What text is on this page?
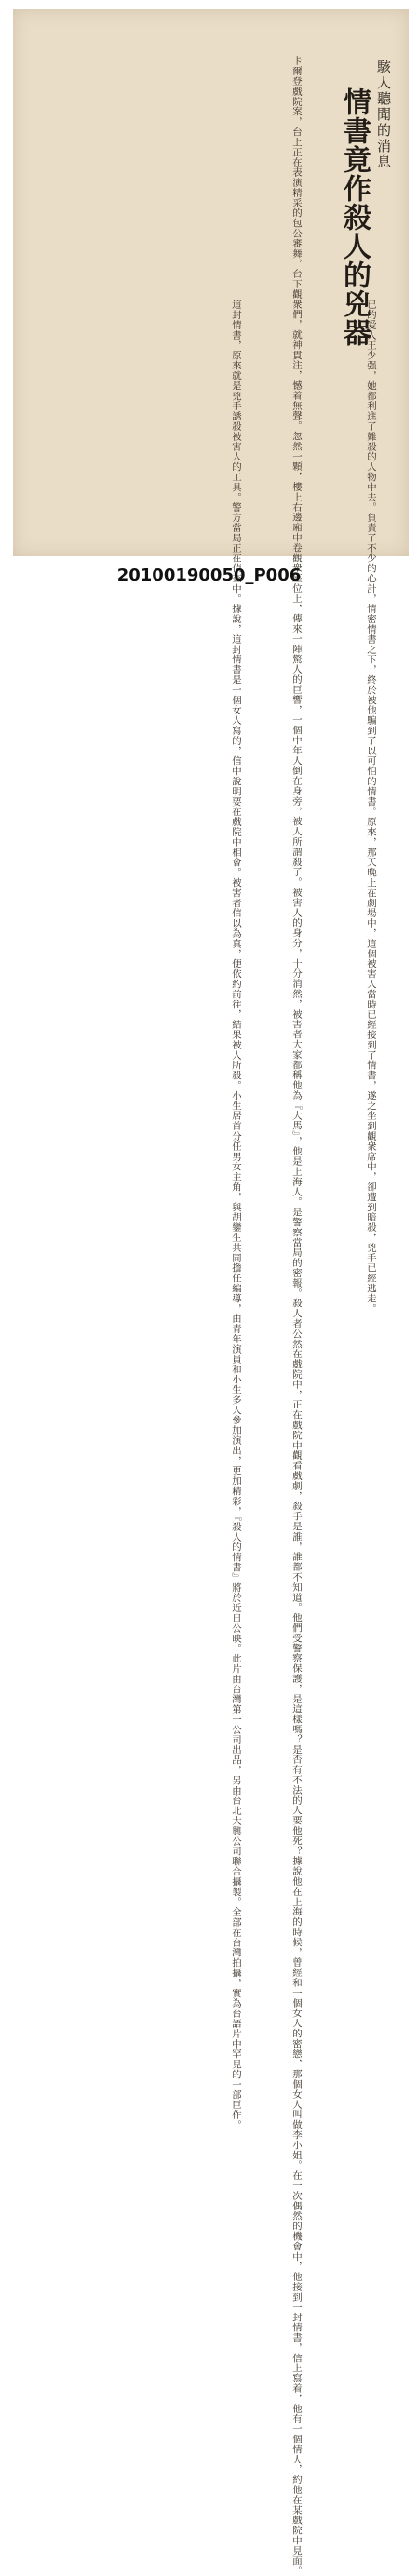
駭人聽聞的消息
情書竟作殺人的兇器
卡爾登戲院案，台上正在表演精采的包公審舞，台下觀衆們，就神貫注，憾着無聲。忽然一顆，樓上右邊廂中卷觀衆座位上，傳來一陣驚人的巨響，一個中年人倒在身旁，被人所謂殺了。被害人的身分，十分消然，被害者大家都稱他為『大馬』，他是上海人。是警察當局的密報。殺人者公然在戲院中，正在戲院中觀看戲劇，殺手是誰，誰都不知道。他們受警察保護，是這樣嗎？是否有不法的人要他死？據說他在上海的時候，曾經和一個女人的密戀，那個女人叫做李小姐。在一次偶然的機會中，他接到一封情書，信上寫着，他有一個情人，約他在某戲院中見面。	已的爱人王少强，她都利進了難殺的人物中去。負責了不少的心計，情密情書之下，終於被他騙到了以可怕的情書。原來，那天晚上在劇場中，這個被害人當時已經接到了情書，遂之坐到觀衆席中，卻遭到暗殺，兇手已經逃走。
這封情書，原來就是兇手誘殺被害人的工具。警方當局正在偵查中。據說，這封情書是一個女人寫的，信中說明要在戲院中相會。被害者信以為真，便依約前往，結果被人所殺。小生居首分任男女主角，與胡鑾生共同擔任編導，由青年演員和小生多人參加演出，更加精彩，『殺人的情書』將於近日公映。此片由台灣第一公司出品，另由台北大興公司聯合攝製。全部在台灣拍攝，實為台語片中罕見的一部巨作。
20100190050_P006
